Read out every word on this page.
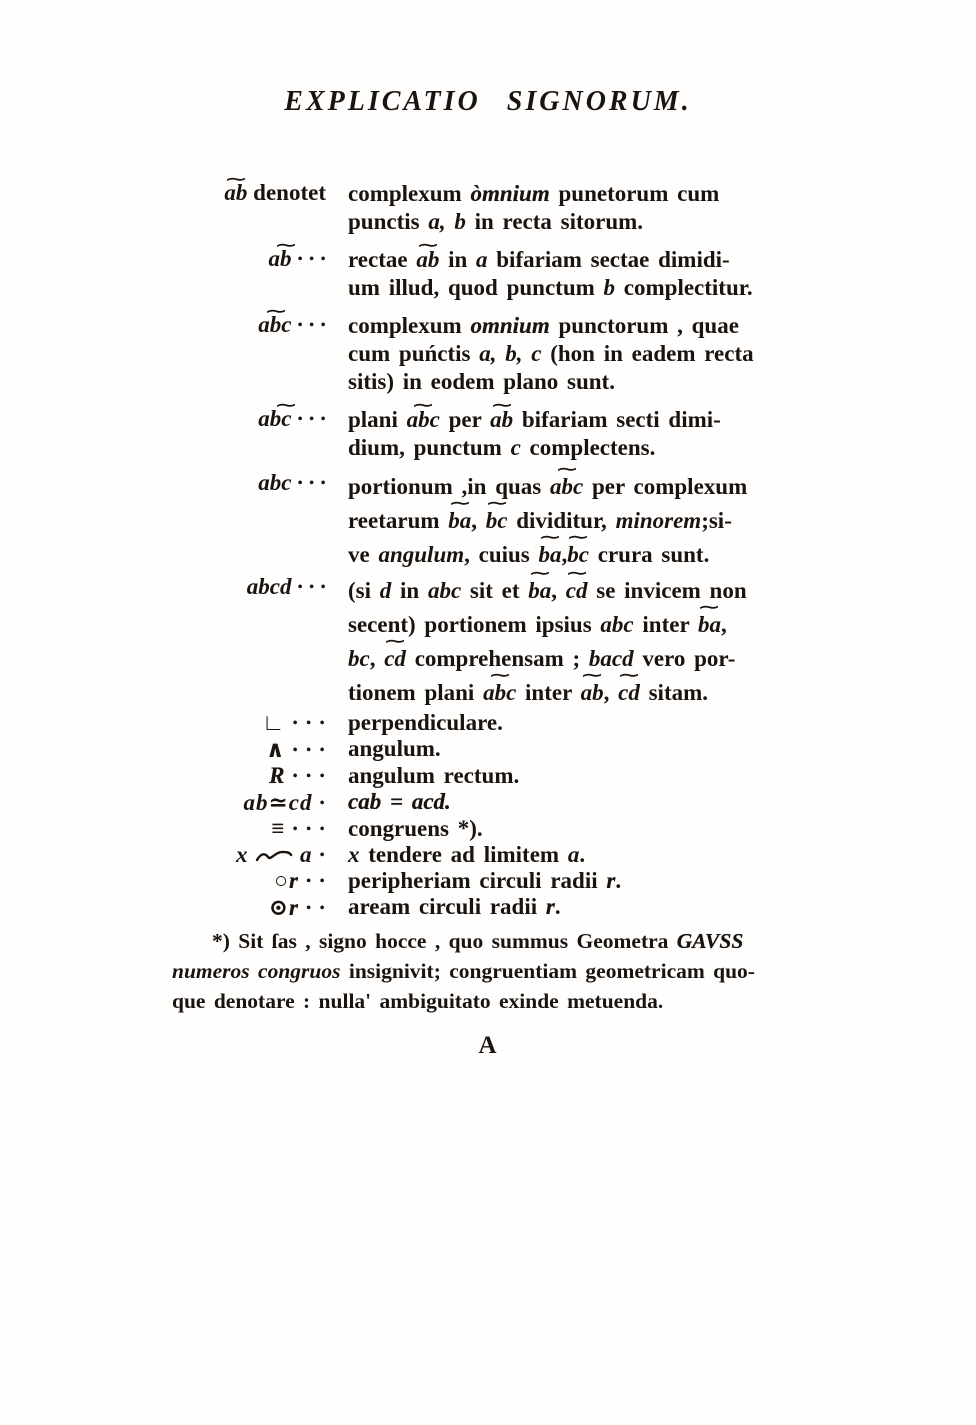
EXPLICATIO SIGNORUM.
∼ ab denotet complexum òmnium punetorum cum
punctis a, b in recta sitorum.
a∼ b ∙ ∙ ∙ rectae ∼ ab in a bifariam sectae dimidi-
um illud, quod punctum b complectitur.
a∼ bc ∙ ∙ ∙ complexum omnium punctorum , quae
cum puńctis a, b, c (hon in eadem recta
sitis) in eodem plano sunt.
ab∼ c ∙ ∙ ∙ plani ∼ abc per ∼ ab bifariam secti dimi-
dium, punctum c complectens.
abc ∙ ∙ ∙ portionum ,in quas ∼ abc per complexum
reetarum ∼ ba, ∼ bc dividitur, minorem;si-
ve angulum, cuius ∼ ba,∼ bc crura sunt.
abcd ∙ ∙ ∙ (si d in abc sit et ∼ ba, ∼ cd se invicem non
secent) portionem ipsius abc inter ∼ ba,
bc, ∼ cd comprehensam ; bacd vero por-
tionem plani ∼ abc inter ∼ ab, ∼ cd sitam.
∟ ∙ ∙ ∙ perpendiculare.
∧ ∙ ∙ ∙ angulum.
R ∙ ∙ ∙ angulum rectum.
ab≃cd ∙ cab = acd.
≡ ∙ ∙ ∙ congruens *).
x a ∙ x tendere ad limitem a.
○r ∙ ∙ peripheriam circuli radii r.
⊙r ∙ ∙ aream circuli radii r.
*) Sit ſas , signo hocce , quo summus Geometra GAVSS
numeros congruos insignivit; congruentiam geometricam quo-
que denotare : nulla' ambiguitato exinde metuenda.
A
